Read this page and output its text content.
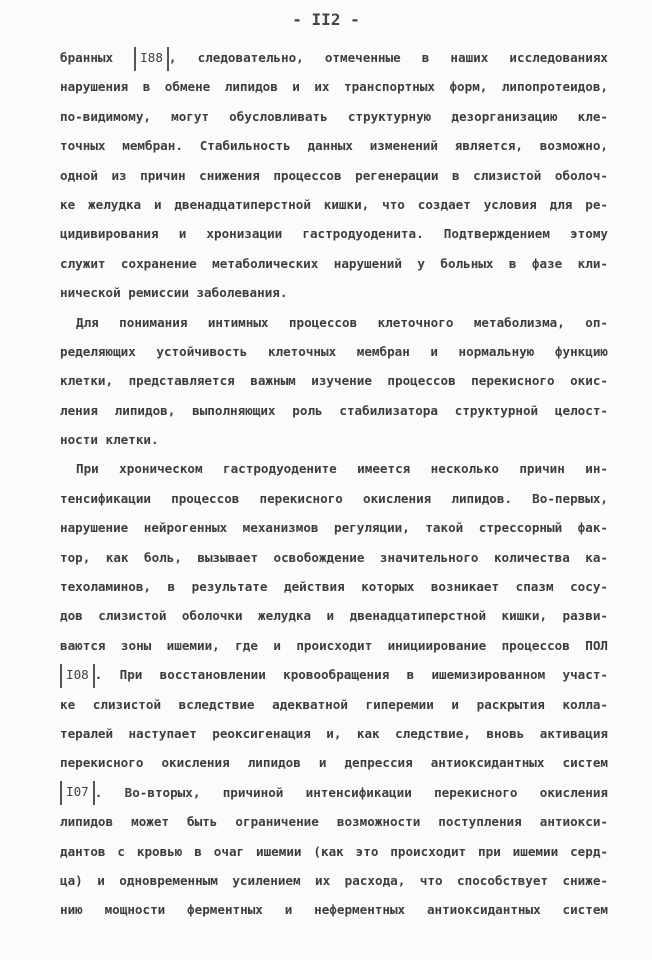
- II2 -
бранных I88 , следовательно, отмеченные в наших исследованиях
нарушения в обмене липидов и их транспортных форм, липопротеидов,
по-видимому, могут обусловливать структурную дезорганизацию кле-
точных мембран. Стабильность данных изменений является, возможно,
одной из причин снижения процессов регенерации в слизистой оболоч-
ке желудка и двенадцатиперстной кишки, что создает условия для ре-
цидивирования и хронизации гастродуоденита. Подтверждением этому
служит сохранение метаболических нарушений у больных в фазе кли-
нической ремиссии заболевания.
Для понимания интимных процессов клеточного метаболизма, оп-
ределяющих устойчивость клеточных мембран и нормальную функцию
клетки, представляется важным изучение процессов перекисного окис-
ления липидов, выполняющих роль стабилизатора структурной целост-
ности клетки.
При хроническом гастродуодените имеется несколько причин ин-
тенсификации процессов перекисного окисления липидов. Во-первых,
нарушение нейрогенных механизмов регуляции, такой стрессорный фак-
тор, как боль, вызывает освобождение значительного количества ка-
техоламинов, в результате действия которых возникает спазм сосу-
дов слизистой оболочки желудка и двенадцатиперстной кишки, разви-
ваются зоны ишемии, где и происходит инициирование процессов ПОЛ
I08 . При восстановлении кровообращения в ишемизированном участ-
ке слизистой вследствие адекватной гиперемии и раскрытия колла-
тералей наступает реоксигенация и, как следствие, вновь активация
перекисного окисления липидов и депрессия антиоксидантных систем
I07 . Во-вторых, причиной интенсификации перекисного окисления
липидов может быть ограничение возможности поступления антиокси-
дантов с кровью в очаг ишемии (как это происходит при ишемии серд-
ца) и одновременным усилением их расхода, что способствует сниже-
нию мощности ферментных и неферментных антиоксидантных систем
